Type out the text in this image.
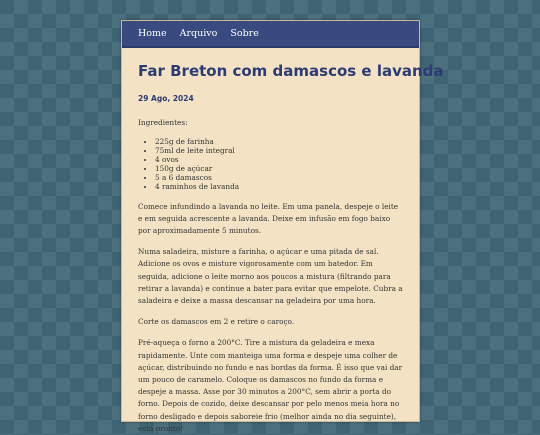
Home Arquivo Sobre
Far Breton com damascos e lavanda
29 Ago, 2024

Ingredientes:

• 225g de farinha
• 75ml de leite integral
• 4 ovos
• 150g de açúcar
• 5 a 6 damascos
• 4 raminhos de lavanda

Comece infundindo a lavanda no leite. Em uma panela, despeje o leite e em seguida acrescente a lavanda. Deixe em infusão em fogo baixo por aproximadamente 5 minutos.

Numa saladeira, misture a farinha, o açúcar e uma pitada de sal. Adicione os ovos e misture vigorosamente com um batedor. Em seguida, adicione o leite morno aos poucos a mistura (filtrando para retirar a lavanda) e continue a bater para evitar que empelote. Cubra a saladeira e deixe a massa descansar na geladeira por uma hora.

Corte os damascos em 2 e retire o caroço.

Pré-aqueça o forno a 200°C. Tire a mistura da geladeira e mexa rapidamente. Unte com manteiga uma forma e despeje uma colher de açúcar, distribuindo no fundo e nas bordas da forma. É isso que vai dar um pouco de caramelo. Coloque os damascos no fundo da forma e despeje a massa. Asse por 30 minutos a 200°C, sem abrir a porta do forno. Depois de cozido, deixe descansar por pelo menos meia hora no forno desligado e depois saboreie frio (melhor ainda no dia seguinte), está pronto!
